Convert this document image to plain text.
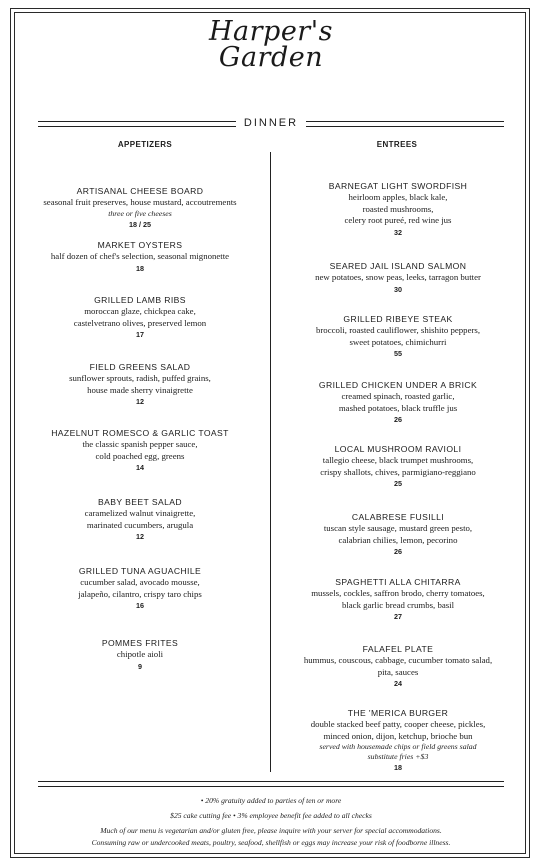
Harper's
Garden
DINNER
APPETIZERS	ENTREES
ARTISANAL CHEESE BOARD
seasonal fruit preserves, house mustard, accoutrements
three or five cheeses
18 / 25
MARKET OYSTERS
half dozen of chef's selection, seasonal mignonette
18
GRILLED LAMB RIBS
moroccan glaze, chickpea cake,
castelvetrano olives, preserved lemon
17
FIELD GREENS SALAD
sunflower sprouts, radish, puffed grains,
house made sherry vinaigrette
12
HAZELNUT ROMESCO & GARLIC TOAST
the classic spanish pepper sauce,
cold poached egg, greens
14
BABY BEET SALAD
caramelized walnut vinaigrette,
marinated cucumbers, arugula
12
GRILLED TUNA AGUACHILE
cucumber salad, avocado mousse,
jalapeño, cilantro, crispy taro chips
16
POMMES FRITES
chipotle aioli
9
BARNEGAT LIGHT SWORDFISH
heirloom apples, black kale,
roasted mushrooms,
celery root pureé, red wine jus
32
SEARED JAIL ISLAND SALMON
new potatoes, snow peas, leeks, tarragon butter
30
GRILLED RIBEYE STEAK
broccoli, roasted cauliflower, shishito peppers,
sweet potatoes, chimichurri
55
GRILLED CHICKEN UNDER A BRICK
creamed spinach, roasted garlic,
mashed potatoes, black truffle jus
26
LOCAL MUSHROOM RAVIOLI
tallegio cheese, black trumpet mushrooms,
crispy shallots, chives, parmigiano-reggiano
25
CALABRESE FUSILLI
tuscan style sausage, mustard green pesto,
calabrian chilies, lemon, pecorino
26
SPAGHETTI ALLA CHITARRA
mussels, cockles, saffron brodo, cherry tomatoes,
black garlic bread crumbs, basil
27
FALAFEL PLATE
hummus, couscous, cabbage, cucumber tomato salad,
pita, sauces
24
THE 'MERICA BURGER
double stacked beef patty, cooper cheese, pickles,
minced onion, dijon, ketchup, brioche bun
served with housemade chips or field greens salad
substitute fries +$3
18
• 20% gratuity added to parties of ten or more
$25 cake cutting fee • 3% employee benefit fee added to all checks
Much of our menu is vegetarian and/or gluten free, please inquire with your server for special accommodations.
Consuming raw or undercooked meats, poultry, seafood, shellfish or eggs may increase your risk of foodborne illness.
